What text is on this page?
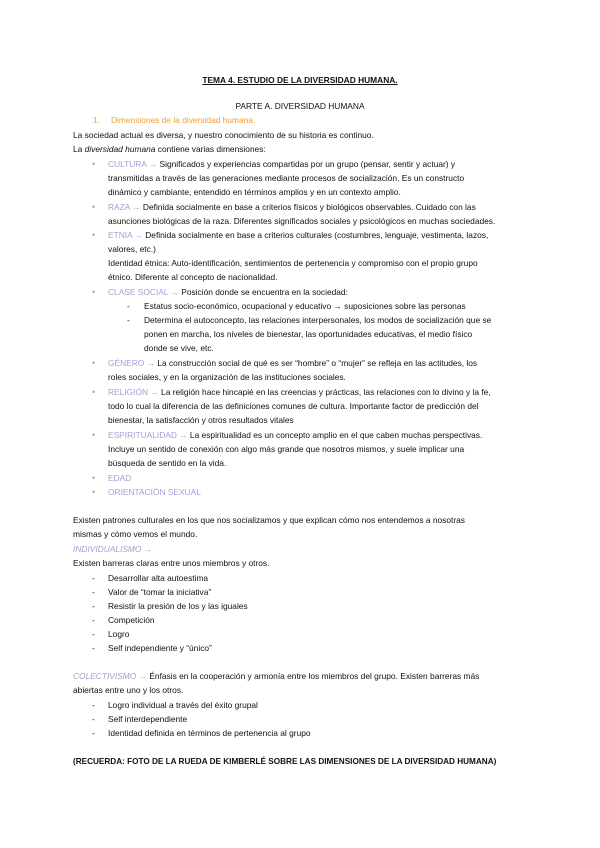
TEMA 4. ESTUDIO DE LA DIVERSIDAD HUMANA.
PARTE A. DIVERSIDAD HUMANA
1. Dimensiones de la diversidad humana.
La sociedad actual es diversa, y nuestro conocimiento de su historia es continuo.
La diversidad humana contiene varias dimensiones:
• CULTURA → Significados y experiencias compartidas por un grupo (pensar, sentir y actuar) y
transmitidas a través de las generaciones mediante procesos de socialización. Es un constructo
dinámico y cambiante, entendido en términos amplios y en un contexto amplio.
• RAZA → Definida socialmente en base a criterios físicos y biológicos observables. Cuidado con las
asunciones biológicas de la raza. Diferentes significados sociales y psicológicos en muchas sociedades.
• ETNIA → Definida socialmente en base a criterios culturales (costumbres, lenguaje, vestimenta, lazos,
valores, etc.)
Identidad étnica: Auto-identificación, sentimientos de pertenencia y compromiso con el propio grupo
étnico. Diferente al concepto de nacionalidad.
• CLASE SOCIAL → Posición donde se encuentra en la sociedad:
- Estatus socio-económico, ocupacional y educativo → suposiciones sobre las personas
- Determina el autoconcepto, las relaciones interpersonales, los modos de socialización que se
ponen en marcha, los niveles de bienestar, las oportunidades educativas, el medio físico
donde se vive, etc.
• GÉNERO → La construcción social de qué es ser “hombre” o “mujer” se refleja en las actitudes, los
roles sociales, y en la organización de las instituciones sociales.
• RELIGIÓN → La religión hace hincapié en las creencias y prácticas, las relaciones con lo divino y la fe,
todo lo cual la diferencia de las definiciones comunes de cultura. Importante factor de predicción del
bienestar, la satisfacción y otros resultados vitales
• ESPIRITUALIDAD → La espiritualidad es un concepto amplio en el que caben muchas perspectivas.
Incluye un sentido de conexión con algo más grande que nosotros mismos, y suele implicar una
búsqueda de sentido en la vida.
• EDAD
• ORIENTACIÓN SEXUAL
Existen patrones culturales en los que nos socializamos y que explican cómo nos entendemos a nosotras
mismas y cómo vemos el mundo.
INDIVIDUALISMO →
Existen barreras claras entre unos miembros y otros.
- Desarrollar alta autoestima
- Valor de “tomar la iniciativa”
- Resistir la presión de los y las iguales
- Competición
- Logro
- Self independiente y “único”
COLECTIVISMO → Énfasis en la cooperación y armonía entre los miembros del grupo. Existen barreras más
abiertas entre uno y los otros.
- Logro individual a través del éxito grupal
- Self interdependiente
- Identidad definida en términos de pertenencia al grupo
(RECUERDA: FOTO DE LA RUEDA DE KIMBERLÉ SOBRE LAS DIMENSIONES DE LA DIVERSIDAD HUMANA)
